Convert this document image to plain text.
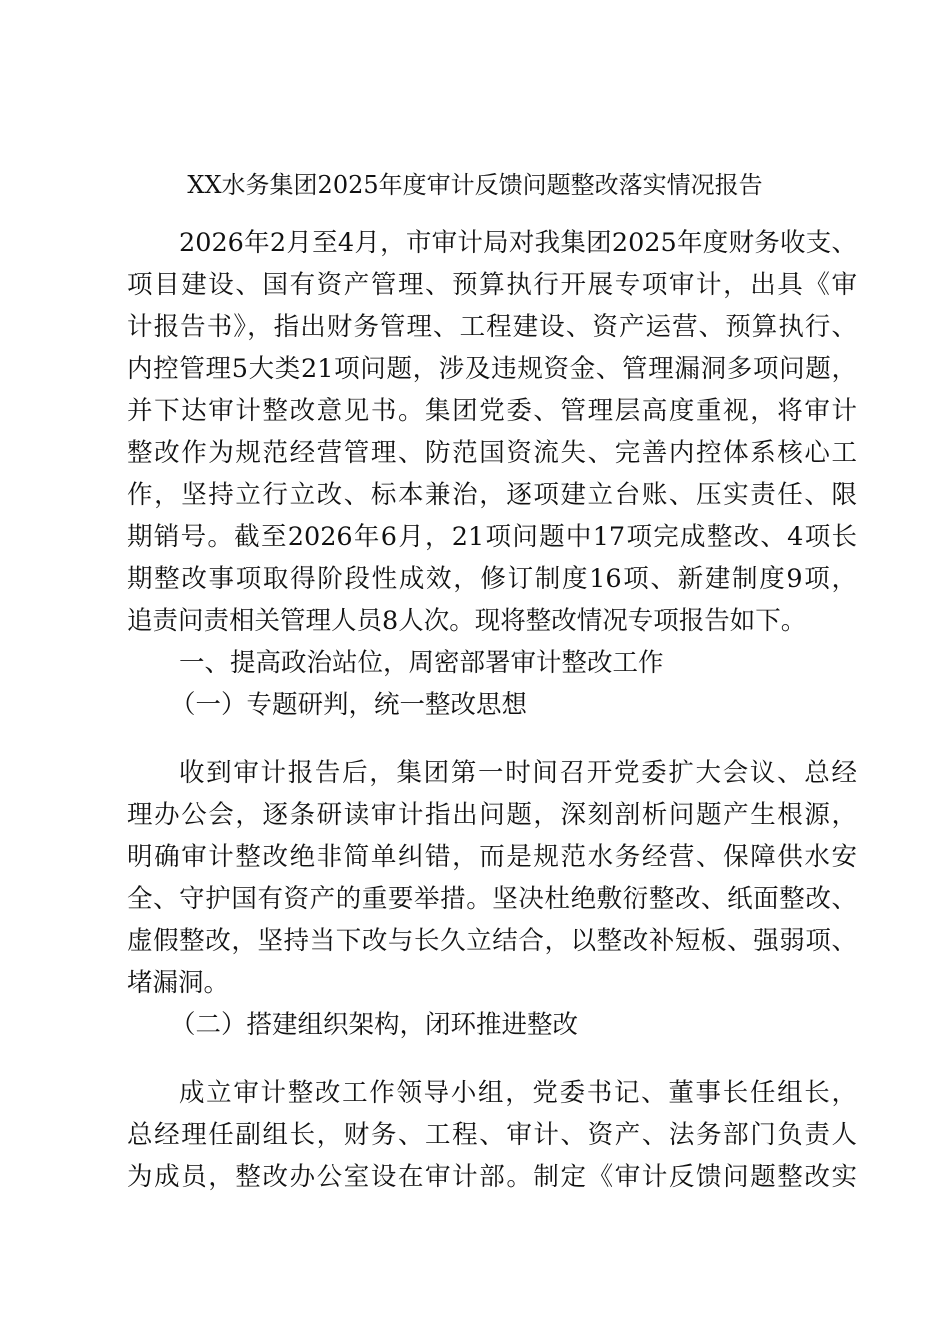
XX水务集团2025年度审计反馈问题整改落实情况报告
2026年2月至4月，市审计局对我集团2025年度财务收支、
项目建设、国有资产管理、预算执行开展专项审计，出具《审
计报告书》，指出财务管理、工程建设、资产运营、预算执行、
内控管理5大类21项问题，涉及违规资金、管理漏洞多项问题，
并下达审计整改意见书。集团党委、管理层高度重视，将审计
整改作为规范经营管理、防范国资流失、完善内控体系核心工
作，坚持立行立改、标本兼治，逐项建立台账、压实责任、限
期销号。截至2026年6月，21项问题中17项完成整改、4项长
期整改事项取得阶段性成效，修订制度16项、新建制度9项，
追责问责相关管理人员8人次。现将整改情况专项报告如下。
一、提高政治站位，周密部署审计整改工作
（一）专题研判，统一整改思想
收到审计报告后，集团第一时间召开党委扩大会议、总经
理办公会，逐条研读审计指出问题，深刻剖析问题产生根源，
明确审计整改绝非简单纠错，而是规范水务经营、保障供水安
全、守护国有资产的重要举措。坚决杜绝敷衍整改、纸面整改、
虚假整改，坚持当下改与长久立结合，以整改补短板、强弱项、
堵漏洞。
（二）搭建组织架构，闭环推进整改
成立审计整改工作领导小组，党委书记、董事长任组长，
总经理任副组长，财务、工程、审计、资产、法务部门负责人
为成员，整改办公室设在审计部。制定《审计反馈问题整改实
